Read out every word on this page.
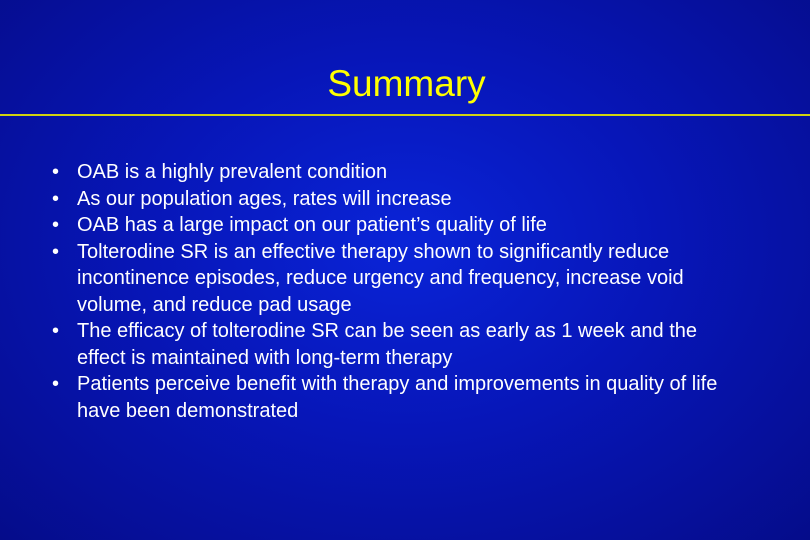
Summary
• OAB is a highly prevalent condition
• As our population ages, rates will increase
• OAB has a large impact on our patient’s quality of life
• Tolterodine SR is an effective therapy shown to significantly reduce incontinence episodes, reduce urgency and frequency, increase void volume, and reduce pad usage
• The efficacy of tolterodine SR can be seen as early as 1 week and the effect is maintained with long-term therapy
• Patients perceive benefit with therapy and improvements in quality of life have been demonstrated
